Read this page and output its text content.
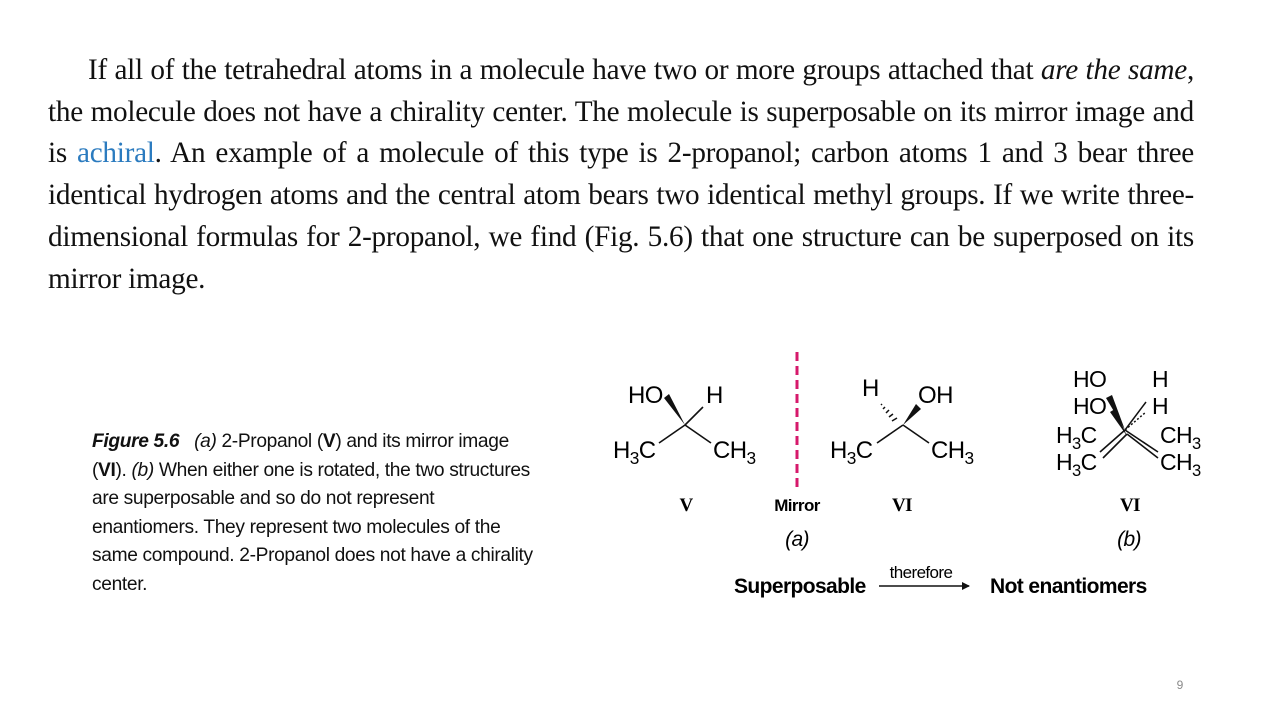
If all of the tetrahedral atoms in a molecule have two or more groups attached that are the same, the molecule does not have a chirality center. The molecule is superposable on its mirror image and is achiral. An example of a molecule of this type is 2-propanol; carbon atoms 1 and 3 bear three identical hydrogen atoms and the central atom bears two identical methyl groups. If we write three-dimensional formulas for 2-propanol, we find (Fig. 5.6) that one structure can be superposed on its mirror image.

Figure 5.6 (a) 2-Propanol (V) and its mirror image (VI). (b) When either one is rotated, the two structures are superposable and so do not represent enantiomers. They represent two molecules of the same compound. 2-Propanol does not have a chirality center.
HO H
$H_3C$ $CH_3$
V	Mirror
H OH
$H_3C$ $CH_3$
VI
(a)
HO H
HO H
$H_3C$	$CH_3$
$H_3C$	$CH_3$
VI
(b)
Superposable
therefore
Not enantiomers
9
